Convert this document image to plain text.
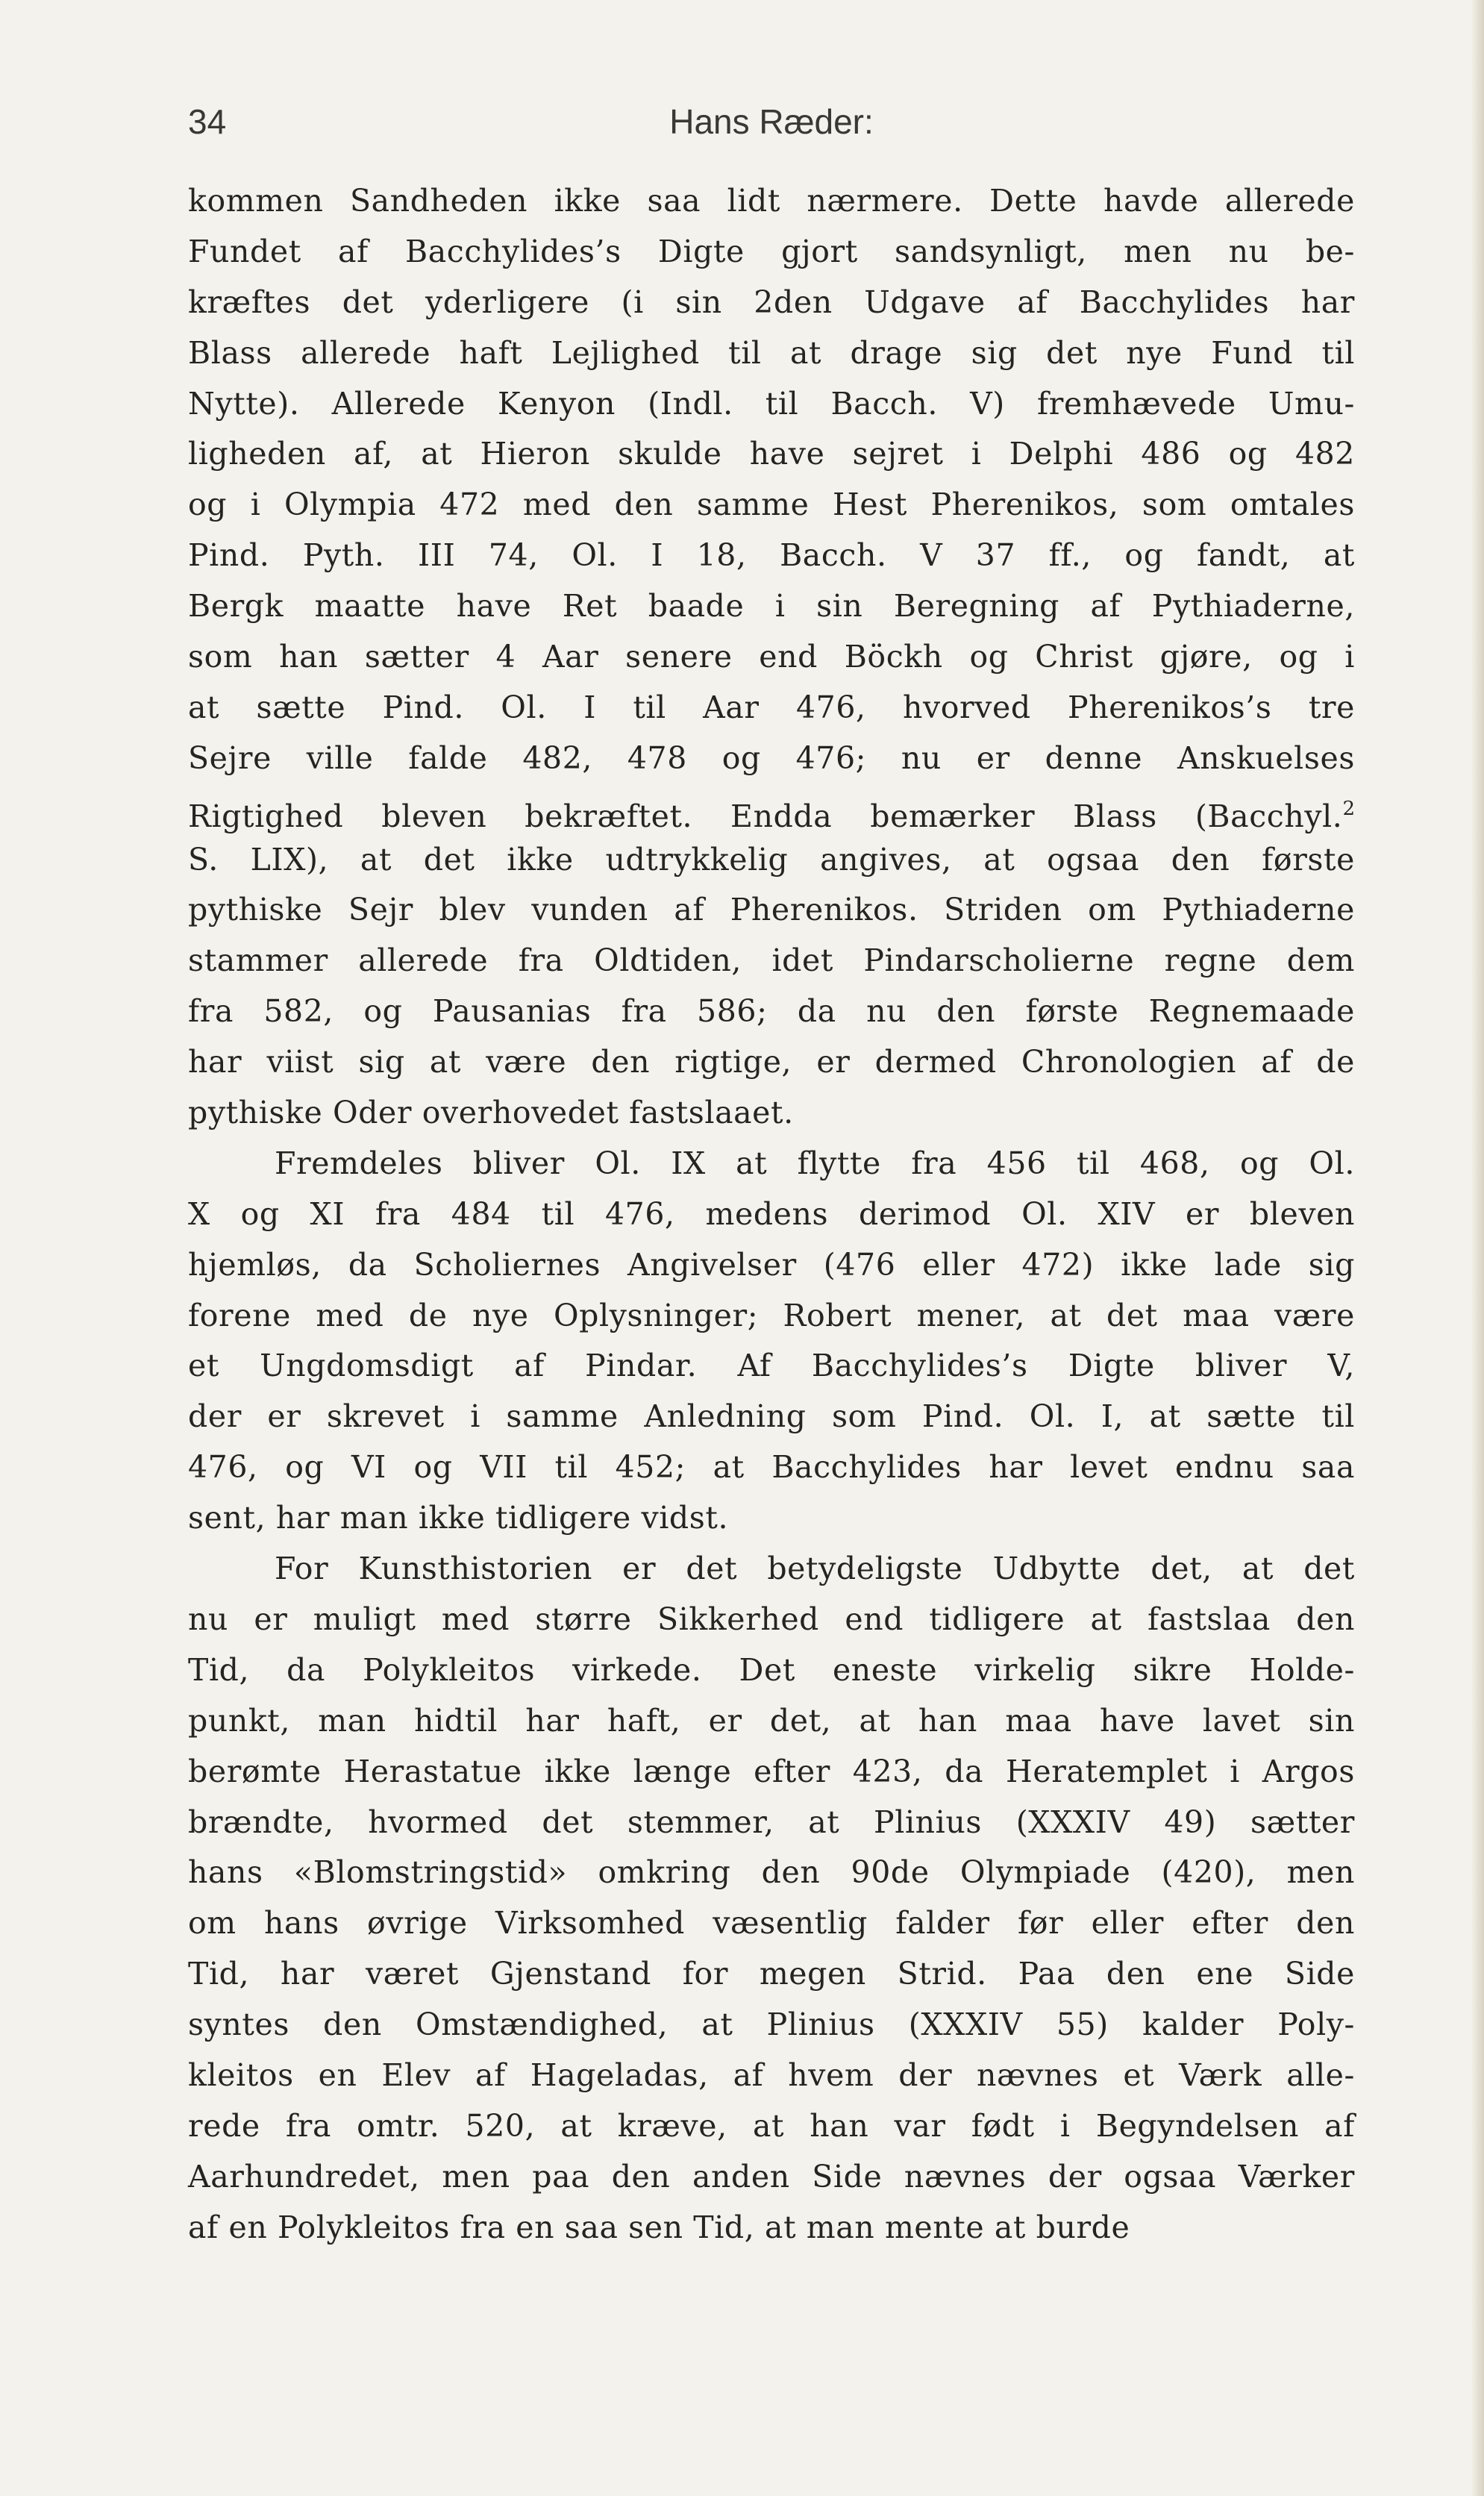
34	Hans Ræder:
kommen Sandheden ikke saa lidt nærmere. Dette havde allerede
Fundet af Bacchylides’s Digte gjort sandsynligt, men nu be-
kræftes det yderligere (i sin 2den Udgave af Bacchylides har
Blass allerede haft Lejlighed til at drage sig det nye Fund til
Nytte). Allerede Kenyon (Indl. til Bacch. V) fremhævede Umu-
ligheden af, at Hieron skulde have sejret i Delphi 486 og 482
og i Olympia 472 med den samme Hest Pherenikos, som omtales
Pind. Pyth. III 74, Ol. I 18, Bacch. V 37 ff., og fandt, at
Bergk maatte have Ret baade i sin Beregning af Pythiaderne,
som han sætter 4 Aar senere end Böckh og Christ gjøre, og i
at sætte Pind. Ol. I til Aar 476, hvorved Pherenikos’s tre
Sejre ville falde 482, 478 og 476; nu er denne Anskuelses
Rigtighed bleven bekræftet. Endda bemærker Blass (Bacchyl.$^2$
S. LIX), at det ikke udtrykkelig angives, at ogsaa den første
pythiske Sejr blev vunden af Pherenikos. Striden om Pythiaderne
stammer allerede fra Oldtiden, idet Pindarscholierne regne dem
fra 582, og Pausanias fra 586; da nu den første Regnemaade
har viist sig at være den rigtige, er dermed Chronologien af de
pythiske Oder overhovedet fastslaaet.
Fremdeles bliver Ol. IX at flytte fra 456 til 468, og Ol.
X og XI fra 484 til 476, medens derimod Ol. XIV er bleven
hjemløs, da Scholiernes Angivelser (476 eller 472) ikke lade sig
forene med de nye Oplysninger; Robert mener, at det maa være
et Ungdomsdigt af Pindar. Af Bacchylides’s Digte bliver V,
der er skrevet i samme Anledning som Pind. Ol. I, at sætte til
476, og VI og VII til 452; at Bacchylides har levet endnu saa
sent, har man ikke tidligere vidst.
For Kunsthistorien er det betydeligste Udbytte det, at det
nu er muligt med større Sikkerhed end tidligere at fastslaa den
Tid, da Polykleitos virkede. Det eneste virkelig sikre Holde-
punkt, man hidtil har haft, er det, at han maa have lavet sin
berømte Herastatue ikke længe efter 423, da Heratemplet i Argos
brændte, hvormed det stemmer, at Plinius (XXXIV 49) sætter
hans «Blomstringstid» omkring den 90de Olympiade (420), men
om hans øvrige Virksomhed væsentlig falder før eller efter den
Tid, har været Gjenstand for megen Strid. Paa den ene Side
syntes den Omstændighed, at Plinius (XXXIV 55) kalder Poly-
kleitos en Elev af Hageladas, af hvem der nævnes et Værk alle-
rede fra omtr. 520, at kræve, at han var født i Begyndelsen af
Aarhundredet, men paa den anden Side nævnes der ogsaa Værker
af en Polykleitos fra en saa sen Tid, at man mente at burde
